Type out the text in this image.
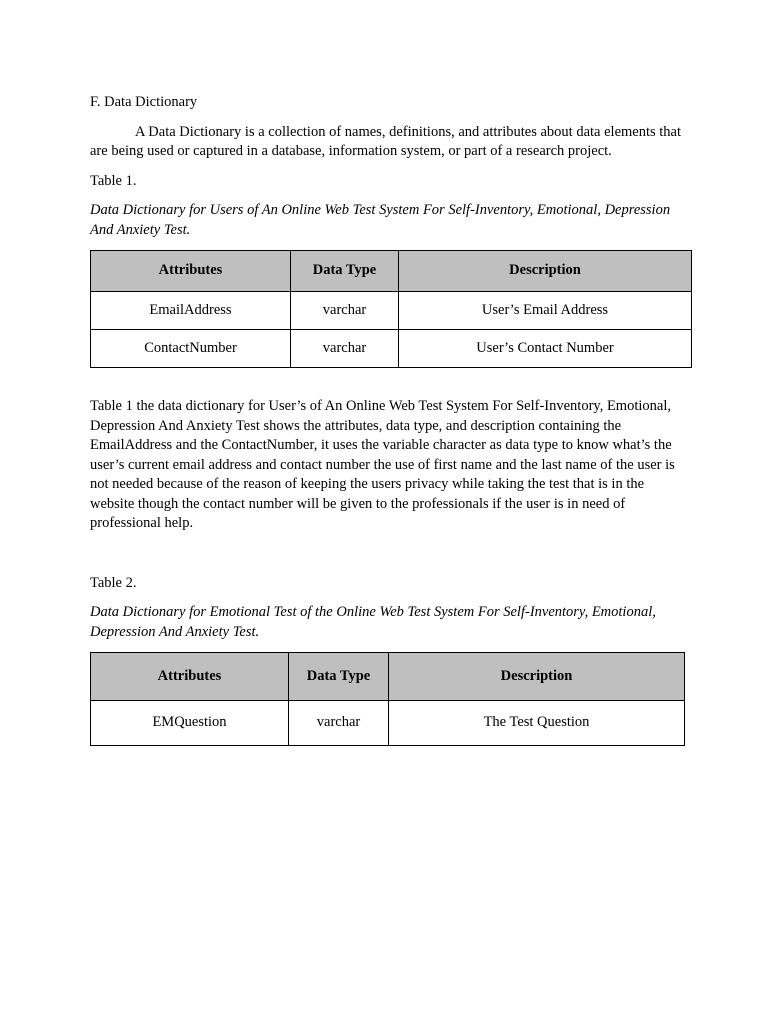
F. Data Dictionary

A Data Dictionary is a collection of names, definitions, and attributes about data elements that are being used or captured in a database, information system, or part of a research project.

Table 1.

Data Dictionary for Users of An Online Web Test System For Self-Inventory, Emotional, Depression And Anxiety Test.

Attributes	Data Type	Description
EmailAddress	varchar	User’s Email Address
ContactNumber	varchar	User’s Contact Number

Table 1 the data dictionary for User’s of An Online Web Test System For Self-Inventory, Emotional, Depression And Anxiety Test shows the attributes, data type, and description containing the EmailAddress and the ContactNumber, it uses the variable character as data type to know what’s the user’s current email address and contact number the use of first name and the last name of the user is not needed because of the reason of keeping the users privacy while taking the test that is in the website though the contact number will be given to the professionals if the user is in need of professional help.

Table 2.

Data Dictionary for Emotional Test of the Online Web Test System For Self-Inventory, Emotional, Depression And Anxiety Test.

Attributes	Data Type	Description
EMQuestion	varchar	The Test Question
